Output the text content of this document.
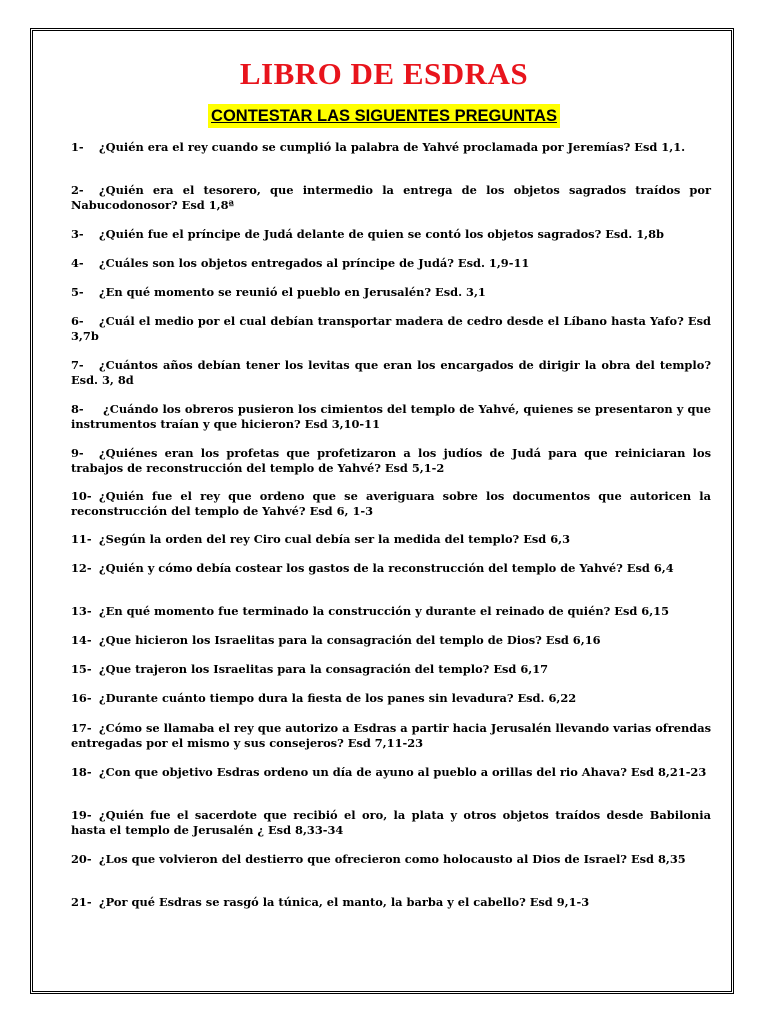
LIBRO DE ESDRAS
CONTESTAR LAS SIGUENTES PREGUNTAS
1- ¿Quién era el rey cuando se cumplió la palabra de Yahvé proclamada por Jeremías? Esd 1,1.
2- ¿Quién era el tesorero, que intermedio la entrega de los objetos sagrados traídos por Nabucodonosor? Esd 1,8ª
3- ¿Quién fue el príncipe de Judá delante de quien se contó los objetos sagrados? Esd. 1,8b
4- ¿Cuáles son los objetos entregados al príncipe de Judá? Esd. 1,9-11
5- ¿En qué momento se reunió el pueblo en Jerusalén? Esd. 3,1
6- ¿Cuál el medio por el cual debían transportar madera de cedro desde el Líbano hasta Yafo? Esd 3,7b
7- ¿Cuántos años debían tener los levitas que eran los encargados de dirigir la obra del templo? Esd. 3, 8d
8- ¿Cuándo los obreros pusieron los cimientos del templo de Yahvé, quienes se presentaron y que instrumentos traían y que hicieron? Esd 3,10-11
9- ¿Quiénes eran los profetas que profetizaron a los judíos de Judá para que reiniciaran los trabajos de reconstrucción del templo de Yahvé? Esd 5,1-2
10- ¿Quién fue el rey que ordeno que se averiguara sobre los documentos que autoricen la reconstrucción del templo de Yahvé? Esd 6, 1-3
11- ¿Según la orden del rey Ciro cual debía ser la medida del templo? Esd 6,3
12- ¿Quién y cómo debía costear los gastos de la reconstrucción del templo de Yahvé? Esd 6,4
13- ¿En qué momento fue terminado la construcción y durante el reinado de quién? Esd 6,15
14- ¿Que hicieron los Israelitas para la consagración del templo de Dios? Esd 6,16
15- ¿Que trajeron los Israelitas para la consagración del templo? Esd 6,17
16- ¿Durante cuánto tiempo dura la fiesta de los panes sin levadura? Esd. 6,22
17- ¿Cómo se llamaba el rey que autorizo a Esdras a partir hacia Jerusalén llevando varias ofrendas entregadas por el mismo y sus consejeros? Esd 7,11-23
18- ¿Con que objetivo Esdras ordeno un día de ayuno al pueblo a orillas del rio Ahava? Esd 8,21-23
19- ¿Quién fue el sacerdote que recibió el oro, la plata y otros objetos traídos desde Babilonia hasta el templo de Jerusalén ¿ Esd 8,33-34
20- ¿Los que volvieron del destierro que ofrecieron como holocausto al Dios de Israel? Esd 8,35
21- ¿Por qué Esdras se rasgó la túnica, el manto, la barba y el cabello? Esd 9,1-3
